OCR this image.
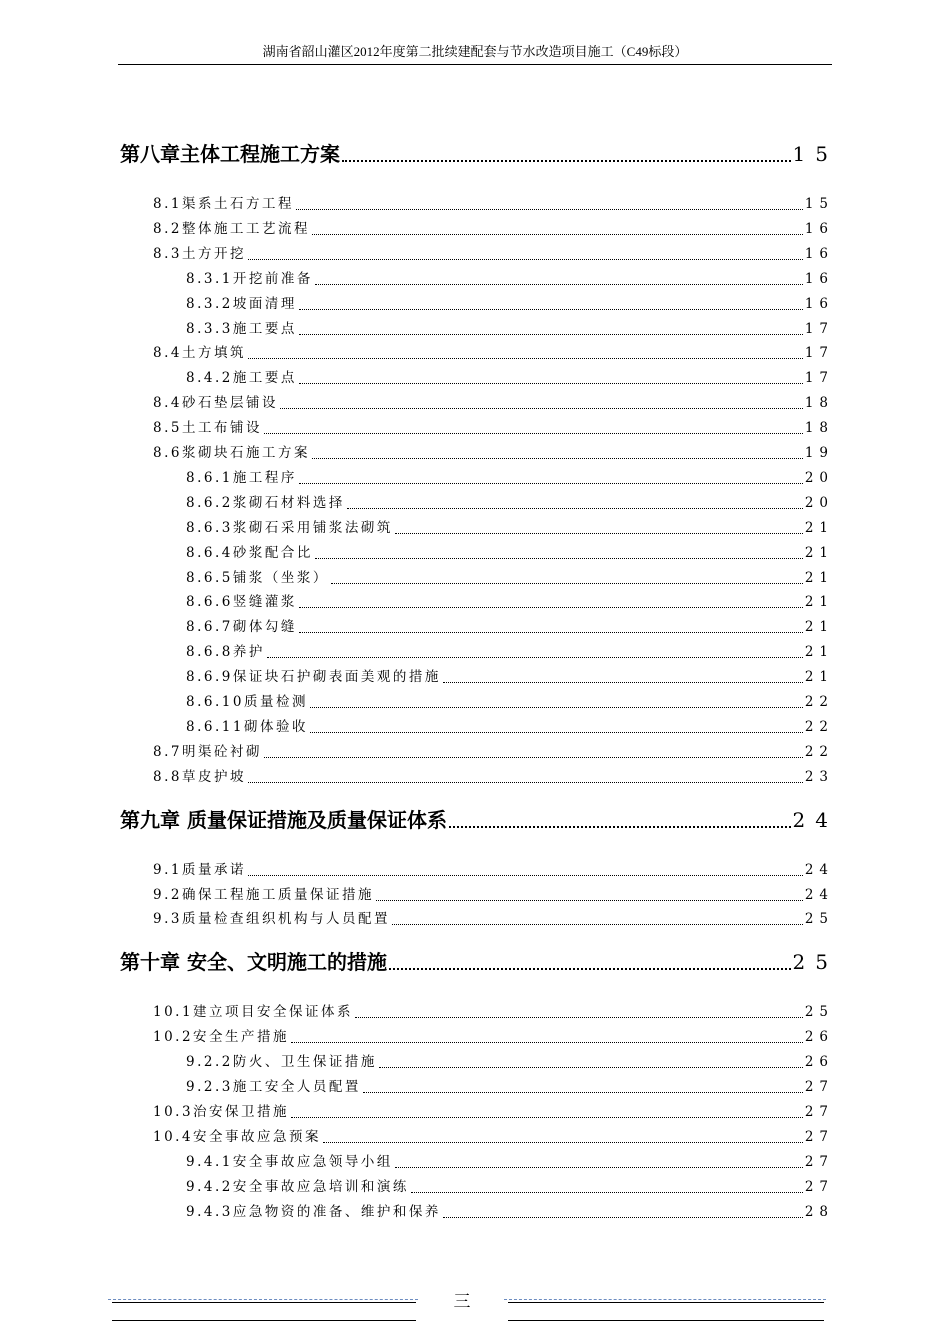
湖南省韶山灌区2012年度第二批续建配套与节水改造项目施工（C49标段）
第八章主体工程施工方案	15
8.1渠系土石方工程	15
8.2整体施工工艺流程	16
8.3土方开挖	16
8.3.1开挖前准备	16
8.3.2坡面清理	16
8.3.3施工要点	17
8.4土方填筑	17
8.4.2施工要点	17
8.4砂石垫层铺设	18
8.5土工布铺设	18
8.6浆砌块石施工方案	19
8.6.1施工程序	20
8.6.2浆砌石材料选择	20
8.6.3浆砌石采用铺浆法砌筑	21
8.6.4砂浆配合比	21
8.6.5铺浆（坐浆）	21
8.6.6竖缝灌浆	21
8.6.7砌体勾缝	21
8.6.8养护	21
8.6.9保证块石护砌表面美观的措施	21
8.6.10质量检测	22
8.6.11砌体验收	22
8.7明渠砼衬砌	22
8.8草皮护坡	23
第九章 质量保证措施及质量保证体系	24
9.1质量承诺	24
9.2确保工程施工质量保证措施	24
9.3质量检查组织机构与人员配置	25
第十章 安全、文明施工的措施	25
10.1建立项目安全保证体系	25
10.2安全生产措施	26
9.2.2防火、卫生保证措施	26
9.2.3施工安全人员配置	27
10.3治安保卫措施	27
10.4安全事故应急预案	27
9.4.1安全事故应急领导小组	27
9.4.2安全事故应急培训和演练	27
9.4.3应急物资的准备、维护和保养	28
三
